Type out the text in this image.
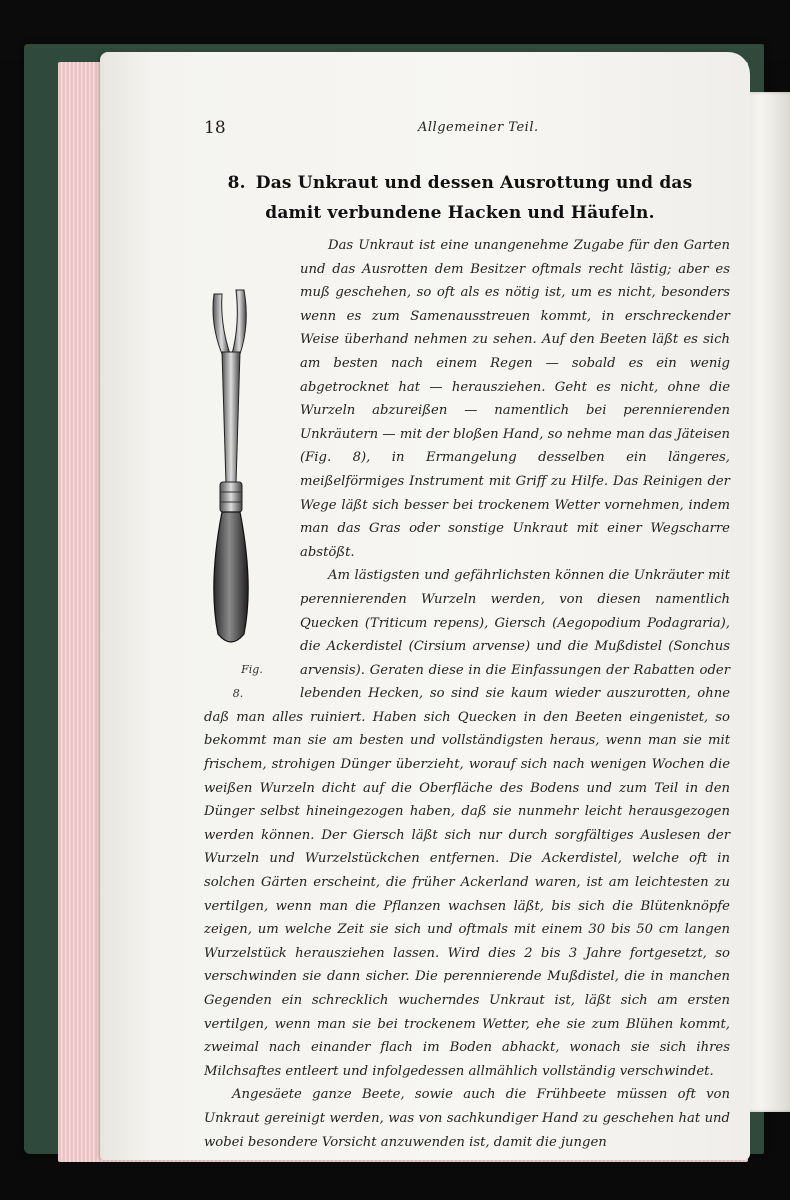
18	Allgemeiner Teil.
8. Das Unkraut und dessen Ausrottung und das damit verbundene Hacken und Häufeln.

Fig. 8.
Das Unkraut ist eine unangenehme Zugabe für den Garten und das Ausrotten dem Besitzer oftmals recht lästig; aber es muß geschehen, so oft als es nötig ist, um es nicht, besonders wenn es zum Samenausstreuen kommt, in erschreckender Weise überhand nehmen zu sehen. Auf den Beeten läßt es sich am besten nach einem Regen — sobald es ein wenig abgetrocknet hat — herausziehen. Geht es nicht, ohne die Wurzeln abzureißen — namentlich bei perennierenden Unkräutern — mit der bloßen Hand, so nehme man das Jäteisen (Fig. 8), in Ermangelung desselben ein längeres, meißelförmiges Instrument mit Griff zu Hilfe. Das Reinigen der Wege läßt sich besser bei trockenem Wetter vornehmen, indem man das Gras oder sonstige Unkraut mit einer Wegscharre abstößt.

Am lästigsten und gefährlichsten können die Unkräuter mit perennierenden Wurzeln werden, von diesen namentlich Quecken (Triticum repens), Giersch (Aegopodium Podagraria), die Ackerdistel (Cirsium arvense) und die Mußdistel (Sonchus arvensis). Geraten diese in die Einfassungen der Rabatten oder lebenden Hecken, so sind sie kaum wieder auszurotten, ohne daß man alles ruiniert. Haben sich Quecken in den Beeten eingenistet, so bekommt man sie am besten und vollständigsten heraus, wenn man sie mit frischem, strohigen Dünger überzieht, worauf sich nach wenigen Wochen die weißen Wurzeln dicht auf die Oberfläche des Bodens und zum Teil in den Dünger selbst hineingezogen haben, daß sie nunmehr leicht herausgezogen werden können. Der Giersch läßt sich nur durch sorgfältiges Auslesen der Wurzeln und Wurzelstückchen entfernen. Die Ackerdistel, welche oft in solchen Gärten erscheint, die früher Ackerland waren, ist am leichtesten zu vertilgen, wenn man die Pflanzen wachsen läßt, bis sich die Blütenknöpfe zeigen, um welche Zeit sie sich und oftmals mit einem 30 bis 50 cm langen Wurzelstück herausziehen lassen. Wird dies 2 bis 3 Jahre fortgesetzt, so verschwinden sie dann sicher. Die perennierende Mußdistel, die in manchen Gegenden ein schrecklich wucherndes Unkraut ist, läßt sich am ersten vertilgen, wenn man sie bei trockenem Wetter, ehe sie zum Blühen kommt, zweimal nach einander flach im Boden abhackt, wonach sie sich ihres Milchsaftes entleert und infolgedessen allmählich vollständig verschwindet.

Angesäete ganze Beete, sowie auch die Frühbeete müssen oft von Unkraut gereinigt werden, was von sachkundiger Hand zu geschehen hat und wobei besondere Vorsicht anzuwenden ist, damit die jungen
